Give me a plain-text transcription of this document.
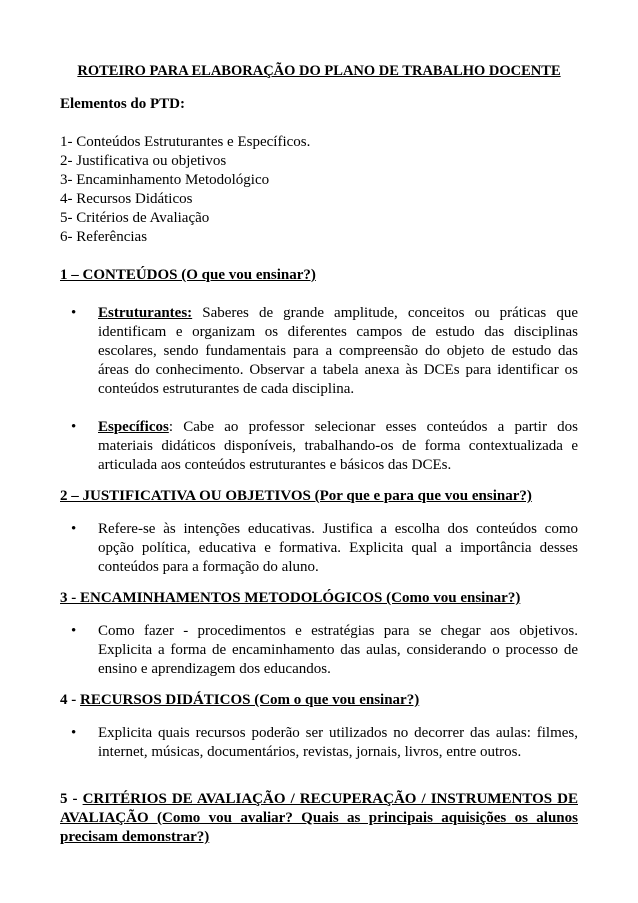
ROTEIRO PARA ELABORAÇÃO DO PLANO DE TRABALHO DOCENTE

Elementos do PTD:

1- Conteúdos Estruturantes e Específicos.

2- Justificativa ou objetivos

3- Encaminhamento Metodológico

4- Recursos Didáticos

5- Critérios de Avaliação

6- Referências

1 – CONTEÚDOS (O que vou ensinar?)

• Estruturantes: Saberes de grande amplitude, conceitos ou práticas que identificam e organizam os diferentes campos de estudo das disciplinas escolares, sendo fundamentais para a compreensão do objeto de estudo das áreas do conhecimento. Observar a tabela anexa às DCEs para identificar os conteúdos estruturantes de cada disciplina.
• Específicos: Cabe ao professor selecionar esses conteúdos a partir dos materiais didáticos disponíveis, trabalhando-os de forma contextualizada e articulada aos conteúdos estruturantes e básicos das DCEs.

2 – JUSTIFICATIVA OU OBJETIVOS (Por que e para que vou ensinar?)

• Refere-se às intenções educativas. Justifica a escolha dos conteúdos como opção política, educativa e formativa. Explicita qual a importância desses conteúdos para a formação do aluno.

3 - ENCAMINHAMENTOS METODOLÓGICOS (Como vou ensinar?)

• Como fazer - procedimentos e estratégias para se chegar aos objetivos. Explicita a forma de encaminhamento das aulas, considerando o processo de ensino e aprendizagem dos educandos.

4 - RECURSOS DIDÁTICOS (Com o que vou ensinar?)

• Explicita quais recursos poderão ser utilizados no decorrer das aulas: filmes, internet, músicas, documentários, revistas, jornais, livros, entre outros.

5 - CRITÉRIOS DE AVALIAÇÃO / RECUPERAÇÃO / INSTRUMENTOS DE AVALIAÇÃO (Como vou avaliar? Quais as principais aquisições os alunos precisam demonstrar?)
